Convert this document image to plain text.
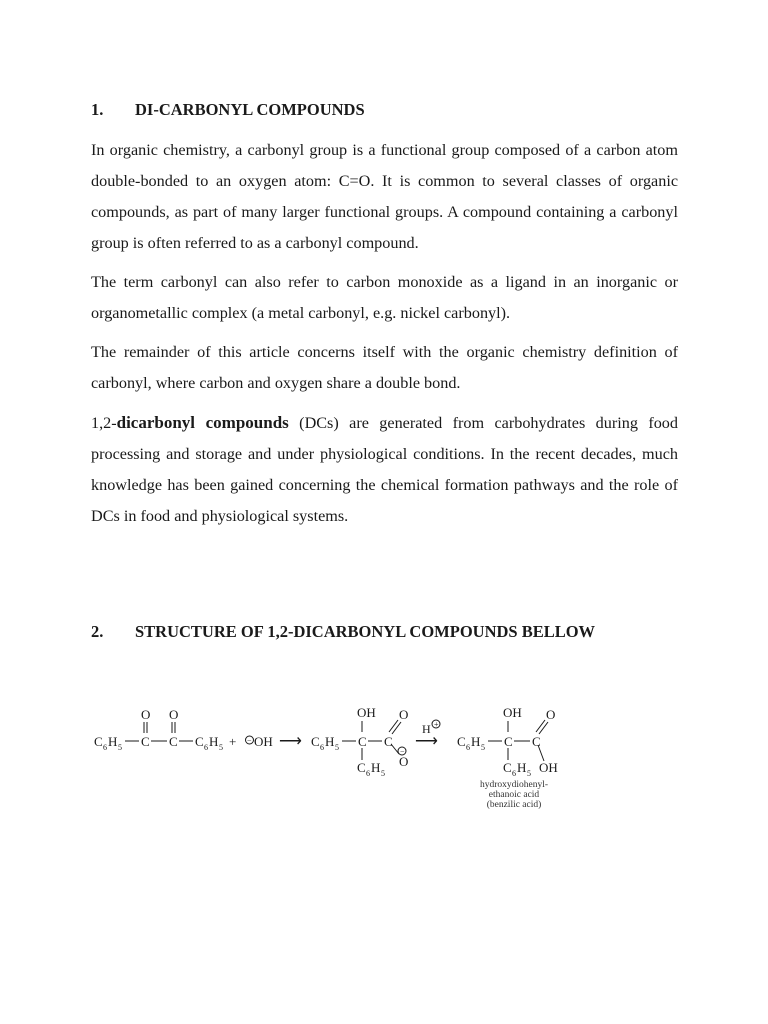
1. DI-CARBONYL COMPOUNDS

In organic chemistry, a carbonyl group is a functional group composed of a carbon atom double-bonded to an oxygen atom: C=O. It is common to several classes of organic compounds, as part of many larger functional groups. A compound containing a carbonyl group is often referred to as a carbonyl compound.

The term carbonyl can also refer to carbon monoxide as a ligand in an inorganic or organometallic complex (a metal carbonyl, e.g. nickel carbonyl).

The remainder of this article concerns itself with the organic chemistry definition of carbonyl, where carbon and oxygen share a double bond.

1,2-dicarbonyl compounds (DCs) are generated from carbohydrates during food processing and storage and under physiological conditions. In the recent decades, much knowledge has been gained concerning the chemical formation pathways and the role of DCs in food and physiological systems.

2. STRUCTURE OF 1,2-DICARBONYL COMPOUNDS BELLOW
C 6 H 5 C C
O O
C 6 H 5 + − OH ⟶ C 6 H 5 C C
OH O
O
C 6 H 5
−
H +
⟶ C 6 H 5 C C
OH O
C 6 H 5 OH
hydroxydiohenyl-
ethanoic acid
(benzilic acid)
